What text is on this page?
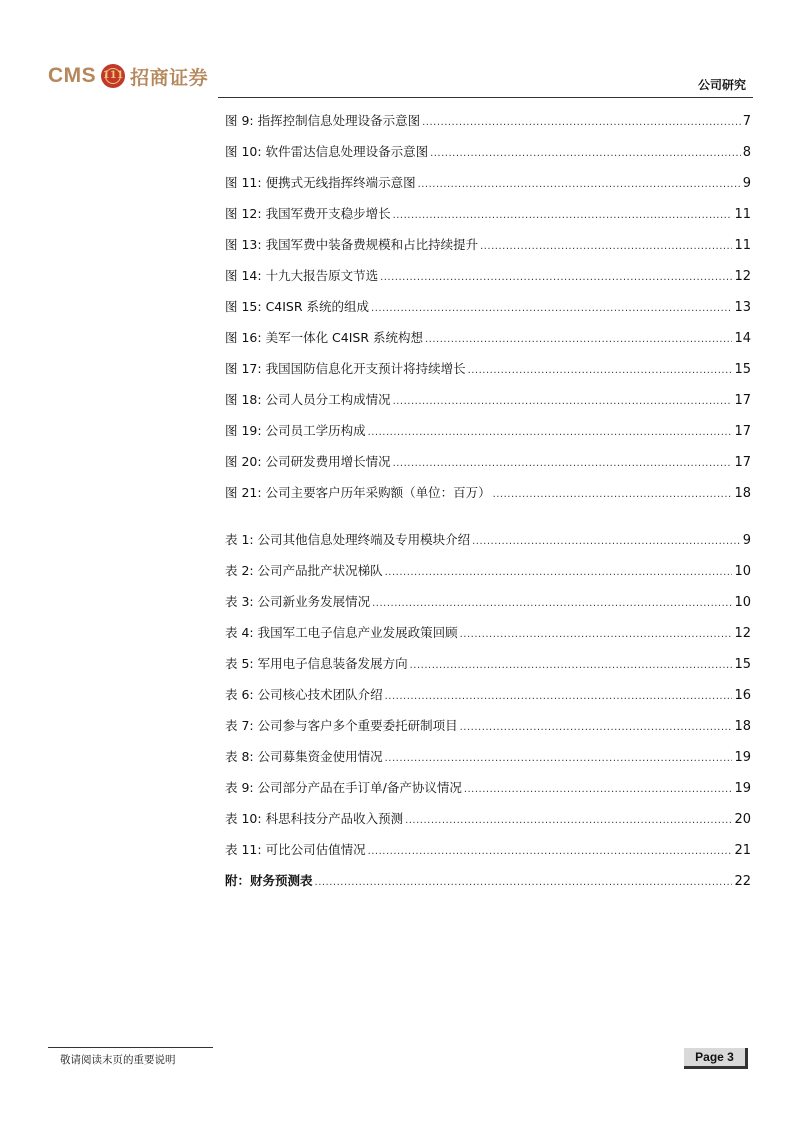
CMS 111 招商证券	公司研究
图 9: 指挥控制信息处理设备示意图 .....	7
图 10: 软件雷达信息处理设备示意图 .....	8
图 11: 便携式无线指挥终端示意图 .....	9
图 12: 我国军费开支稳步增长 .....	11
图 13: 我国军费中装备费规模和占比持续提升 .....	11
图 14: 十九大报告原文节选 .....	12
图 15: C4ISR 系统的组成 .....	13
图 16: 美军一体化 C4ISR 系统构想 .....	14
图 17: 我国国防信息化开支预计将持续增长 .....	15
图 18: 公司人员分工构成情况 .....	17
图 19: 公司员工学历构成 .....	17
图 20: 公司研发费用增长情况 .....	17
图 21: 公司主要客户历年采购额（单位：百万） .....	18
表 1: 公司其他信息处理终端及专用模块介绍 .....	9
表 2: 公司产品批产状况梯队 .....	10
表 3: 公司新业务发展情况 .....	10
表 4: 我国军工电子信息产业发展政策回顾 .....	12
表 5: 军用电子信息装备发展方向 .....	15
表 6: 公司核心技术团队介绍 .....	16
表 7: 公司参与客户多个重要委托研制项目 .....	18
表 8: 公司募集资金使用情况 .....	19
表 9: 公司部分产品在手订单/备产协议情况 .....	19
表 10: 科思科技分产品收入预测 .....	20
表 11: 可比公司估值情况 .....	21
附：财务预测表 .....	22
敬请阅读末页的重要说明	Page 3
